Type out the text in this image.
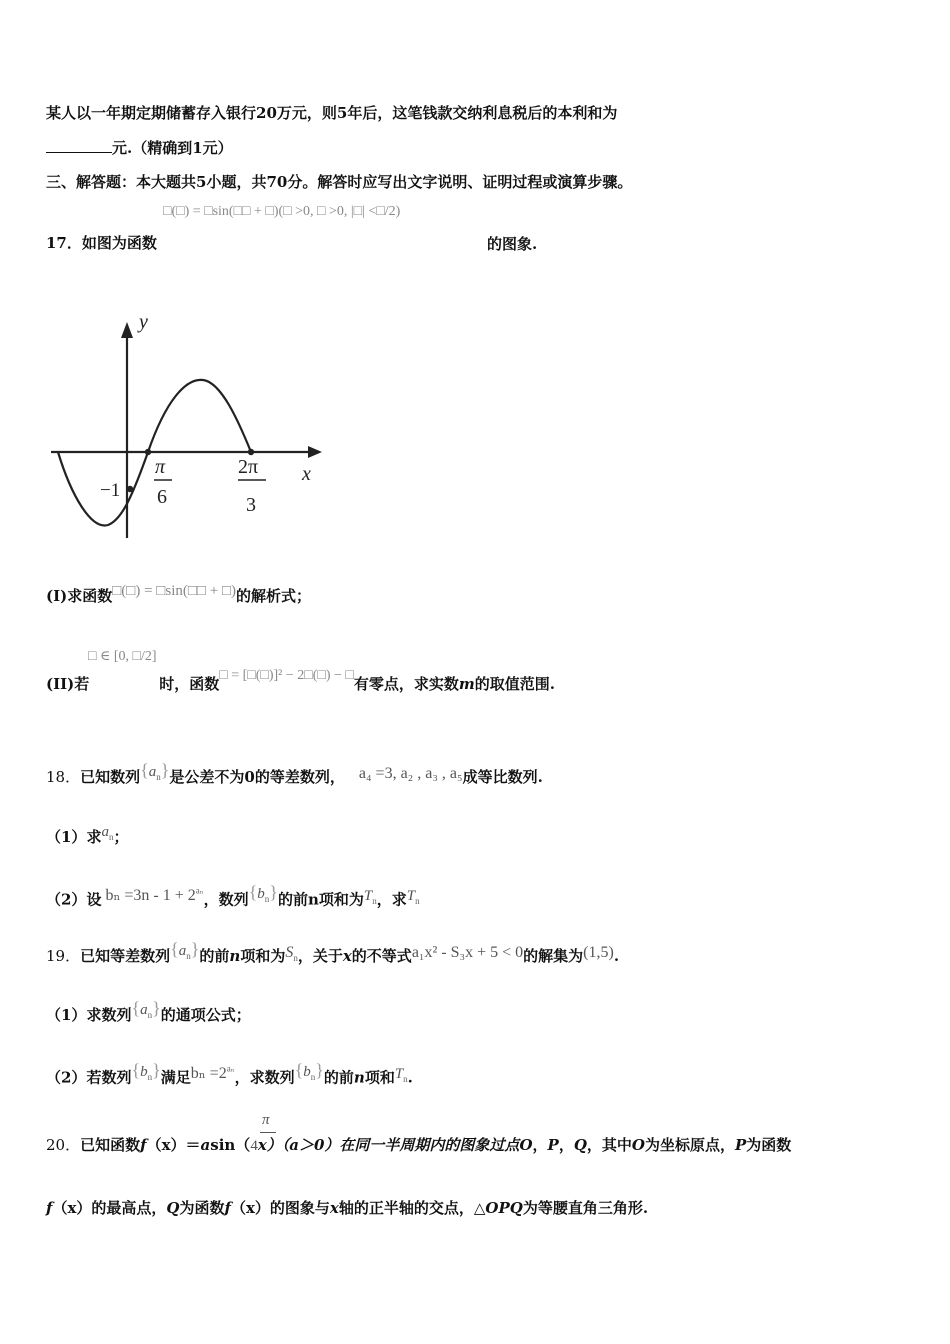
某人以一年期定期储蓄存入银行20万元，则5年后，这笔钱款交纳利息税后的本利和为
元.（精确到1元）
三、解答题：本大题共5小题，共70分。解答时应写出文字说明、证明过程或演算步骤。
□(□) = □sin(□□ + □)(□ >0, □ >0, |□| <□/2)
17．如图为函数	的图象.
y
x
−1
π
6
2π
3
(I)求函数□(□) = □sin(□□ + □)的解析式；
□ ∈ [0, □/2]
(II)若	时，函数□ = [□(□)]² − 2□(□) − □有零点，求实数m的取值范围.
18．已知数列$\{a_n\}$是公差不为0的等差数列， a₄ =3, a₂ , a₃ , a₅成等比数列.
（1）求$a_n$；
（2）设 $b_n =3n - 1 + 2^{a_n}$，数列$\{b_n\}$的前n项和为$T_n$，求$T_n$
19．已知等差数列$\{a_n\}$的前n项和为$S_n$，关于x的不等式a₁x² - S₃x + 5 < 0的解集为(1,5).
（1）求数列$\{a_n\}$的通项公式；
（2）若数列$\{b_n\}$满足$b_n =2^{a_n}$，求数列$\{b_n\}$的前n项和$T_n$.
π
20．已知函数f（x）＝asin（4x）（a＞0）在同一半周期内的图象过点O，P，Q，其中O为坐标原点，P为函数
f（x）的最高点，Q为函数f（x）的图象与x轴的正半轴的交点，△OPQ为等腰直角三角形.
